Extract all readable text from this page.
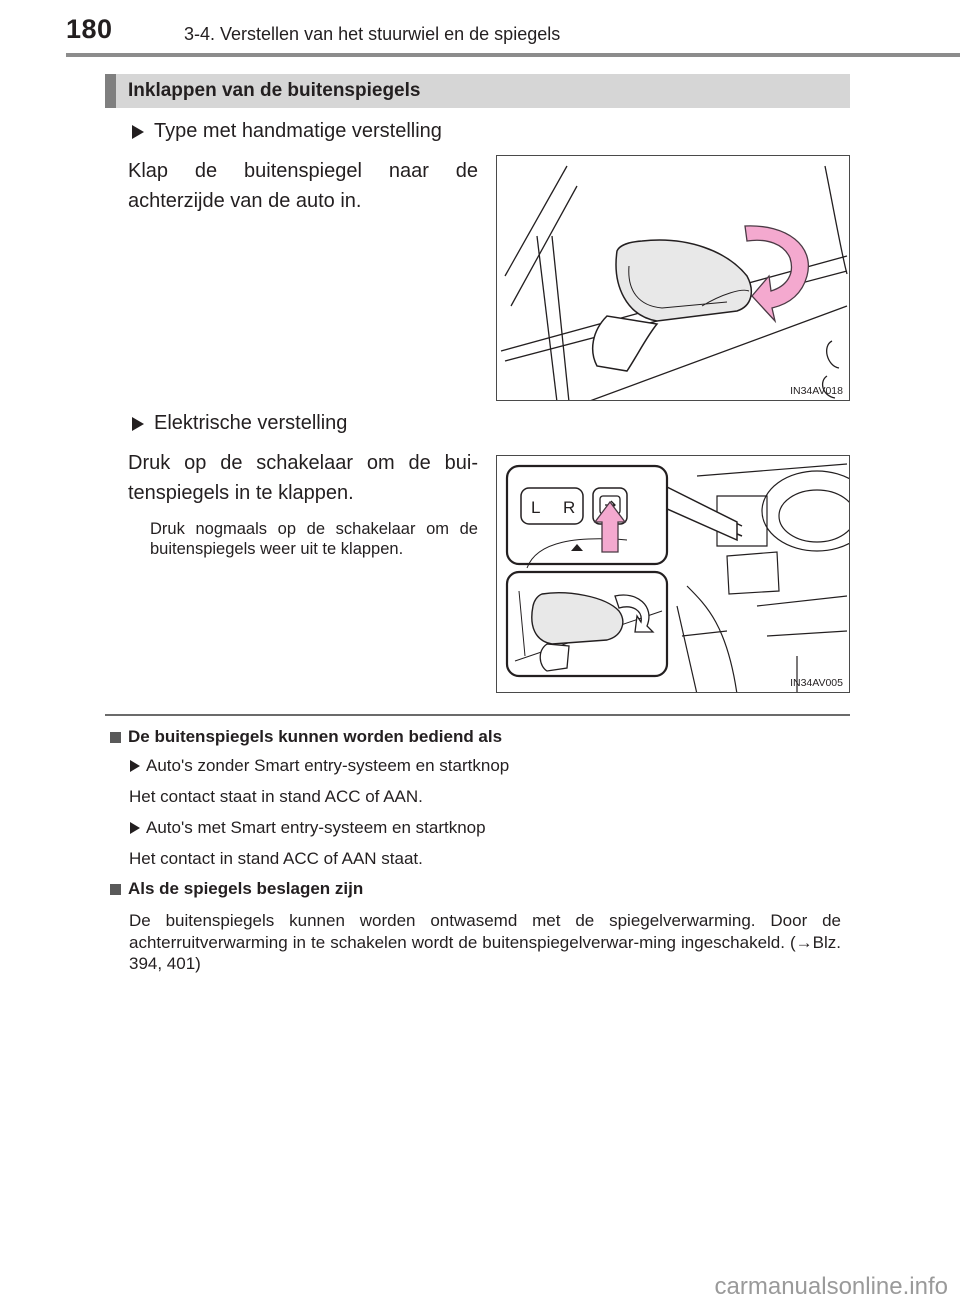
180	3-4. Verstellen van het stuurwiel en de spiegels
Inklappen van de buitenspiegels
Type met handmatige verstelling
Klap de buitenspiegel naar de achterzijde van de auto in.
IN34AV018
Elektrische verstelling
Druk op de schakelaar om de bui-tenspiegels in te klappen.
Druk nogmaals op de schakelaar om de buitenspiegels weer uit te klappen.
L R
IN34AV005
De buitenspiegels kunnen worden bediend als
Auto's zonder Smart entry-systeem en startknop
Het contact staat in stand ACC of AAN.
Auto's met Smart entry-systeem en startknop
Het contact in stand ACC of AAN staat.
Als de spiegels beslagen zijn
De buitenspiegels kunnen worden ontwasemd met de spiegelverwarming. Door de achterruitverwarming in te schakelen wordt de buitenspiegelverwar-ming ingeschakeld. (→Blz. 394, 401)
carmanualsonline.info
